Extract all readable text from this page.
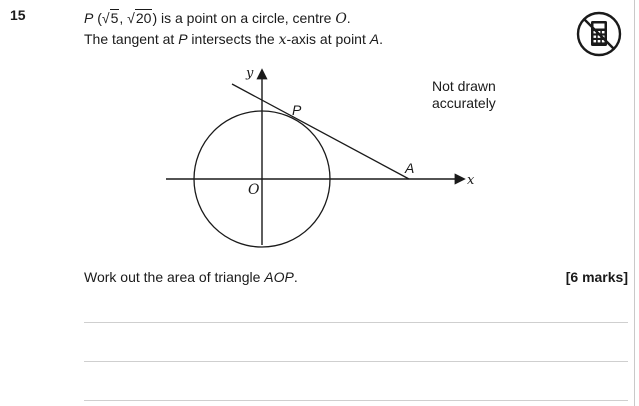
15	P (√5, √20) is a point on a circle, centre O.
The tangent at P intersects the x-axis at point A.
y
x
O
P
A
Not drawn
accurately
Work out the area of triangle AOP.	[6 marks]
